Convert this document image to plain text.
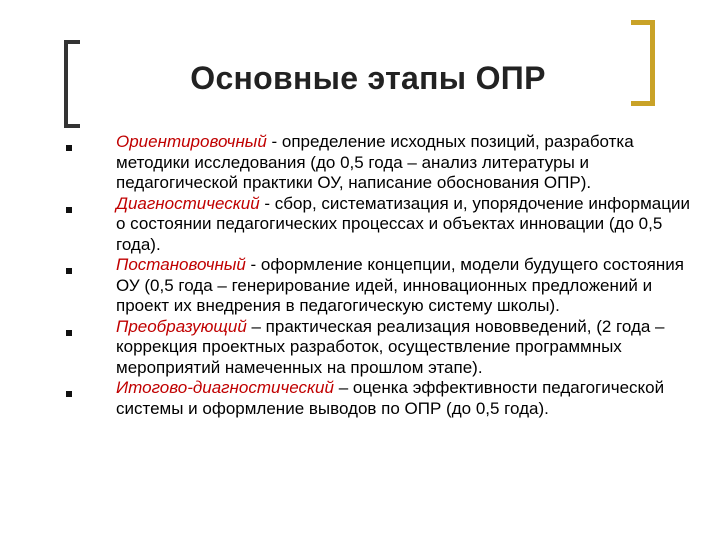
Основные этапы ОПР
Ориентировочный - определение исходных позиций, разработка методики исследования (до 0,5 года – анализ литературы и педагогической практики ОУ, написание обоснования ОПР).
Диагностический - сбор, систематизация и, упорядочение информации о состоянии педагогических процессах и объектах инновации (до 0,5 года).
Постановочный - оформление концепции, модели будущего состояния ОУ (0,5 года – генерирование идей, инновационных предложений и проект их внедрения в педагогическую систему школы).
Преобразующий – практическая реализация нововведений, (2 года – коррекция проектных разработок, осуществление программных мероприятий намеченных на прошлом этапе).
Итогово-диагностический – оценка эффективности педагогической системы и оформление выводов по ОПР (до 0,5 года).
